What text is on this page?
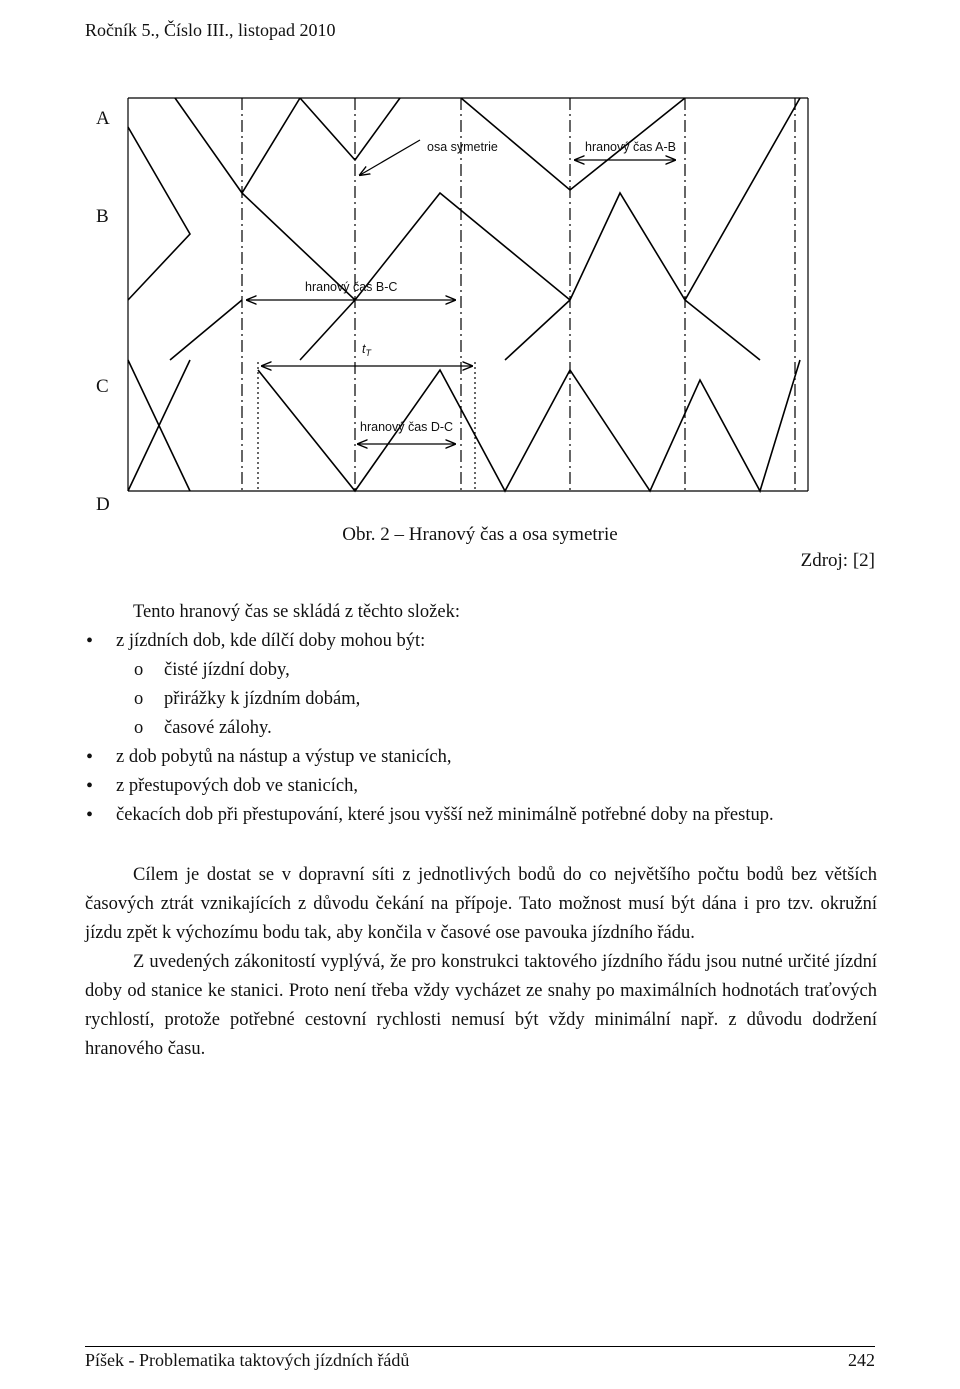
Ročník 5., Číslo III., listopad 2010
A
B
C
D
osa symetrie	hranový čas A-B
hranový čas B-C
$t_T$
hranový čas D-C
Obr. 2 – Hranový čas a osa symetrie
Zdroj: [2]
Tento hranový čas se skládá z těchto složek:
• z jízdních dob, kde dílčí doby mohou být:
o čisté jízdní doby,
o přirážky k jízdním dobám,
o časové zálohy.
• z dob pobytů na nástup a výstup ve stanicích,
• z přestupových dob ve stanicích,
• čekacích dob při přestupování, které jsou vyšší než minimálně potřebné doby na přestup.

Cílem je dostat se v dopravní síti z jednotlivých bodů do co největšího počtu bodů bez větších časových ztrát vznikajících z důvodu čekání na přípoje. Tato možnost musí být dána i pro tzv. okružní jízdu zpět k výchozímu bodu tak, aby končila v časové ose pavouka jízdního řádu.

Z uvedených zákonitostí vyplývá, že pro konstrukci taktového jízdního řádu jsou nutné určité jízdní doby od stanice ke stanici. Proto není třeba vždy vycházet ze snahy po maximálních hodnotách traťových rychlostí, protože potřebné cestovní rychlosti nemusí být vždy minimální např. z důvodu dodržení hranového času.

Píšek - Problematika taktových jízdních řádů	242
